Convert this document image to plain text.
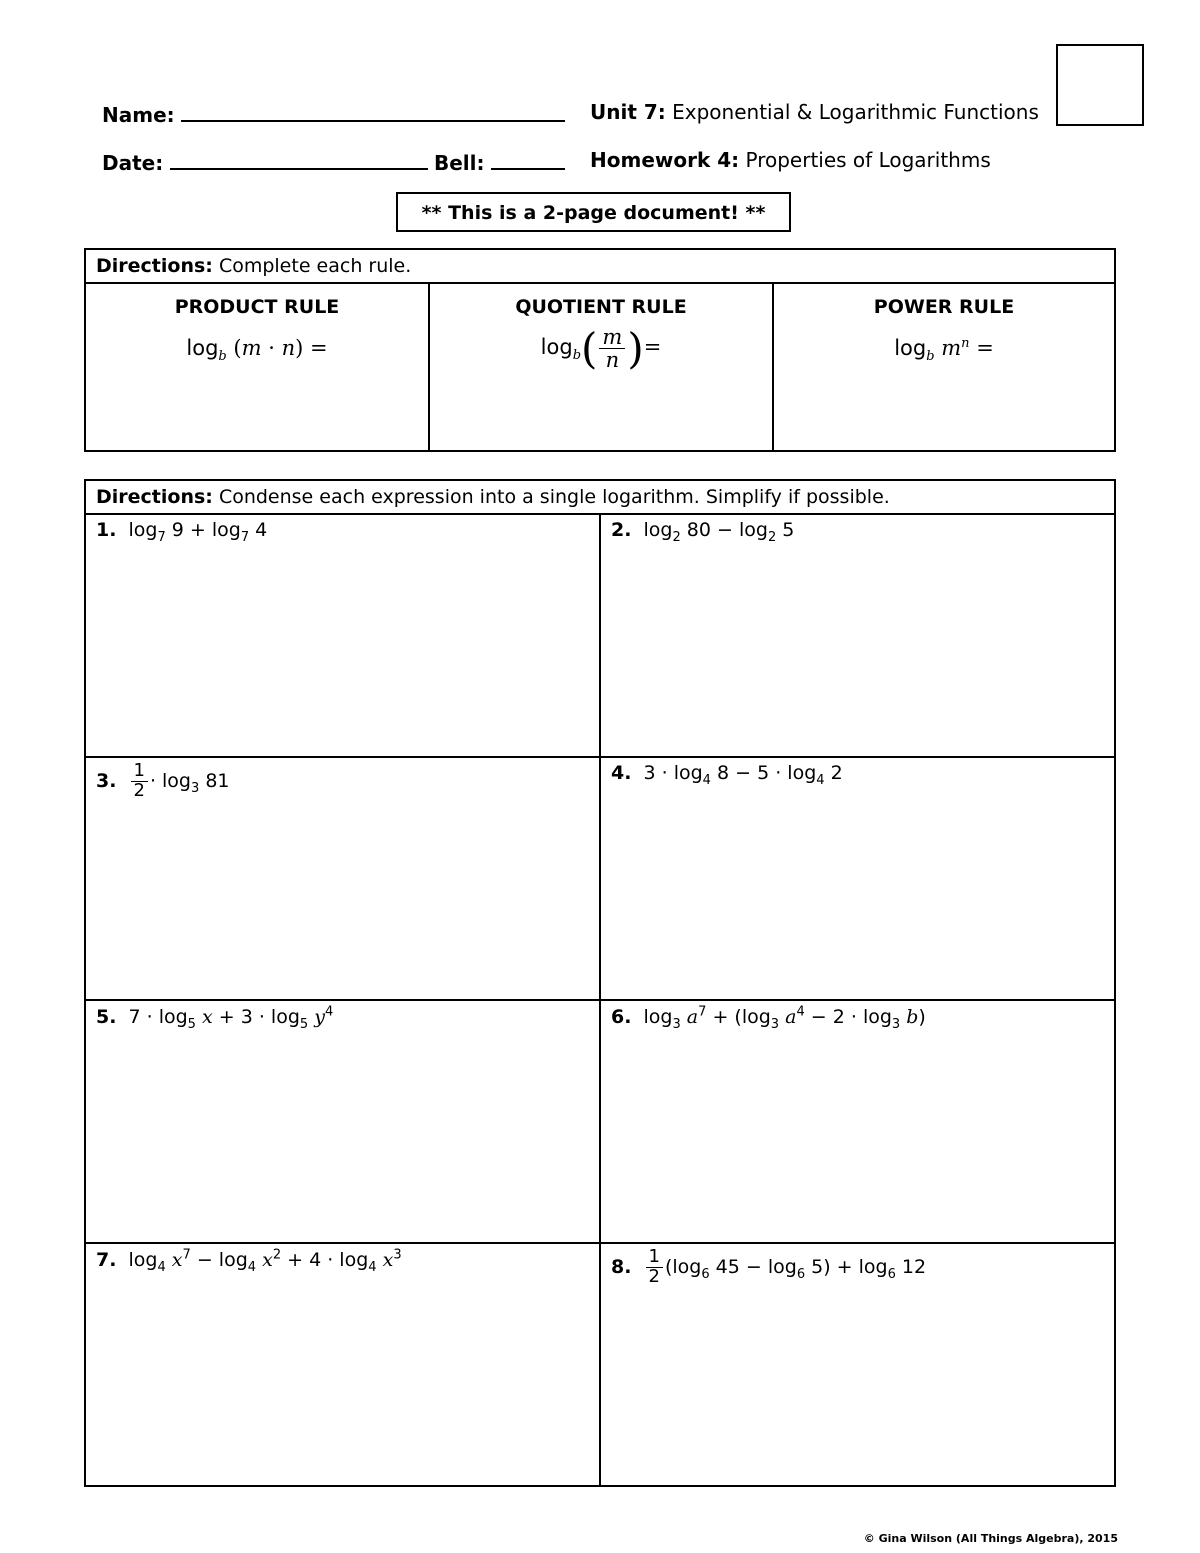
Name:
Date:	Bell:
Unit 7: Exponential & Logarithmic Functions
Homework 4: Properties of Logarithms
** This is a 2-page document! **
Directions: Complete each rule.

PRODUCT RULE
$\log_b (m \cdot n)$ =

QUOTIENT RULE
$\log_b( \frac{m}{n}$ )=

POWER RULE
$\log_b m^n$ =
Directions: Condense each expression into a single logarithm. Simplify if possible.	
1. $\log_7 9 + \log_7 4$	2. $\log_2 80 - \log_2 5$
3. $\frac{1}{2} \cdot \log_3 81$	4. $3 \cdot \log_4 8 - 5 \cdot \log_4 2$
5. $7 \cdot \log_5 x + 3 \cdot \log_5 y^4$	6. $\log_3 a^7 + (\log_3$ $a^4 - 2 \cdot \log_3 b$)
7. $\log_4 x^7 - \log_4 x^2 + 4 \cdot \log_4 x^3$	8. $\frac{1}{2} (\log_6$ $45 - \log_6 5) + \log_6 12$
© Gina Wilson (All Things Algebra), 2015
